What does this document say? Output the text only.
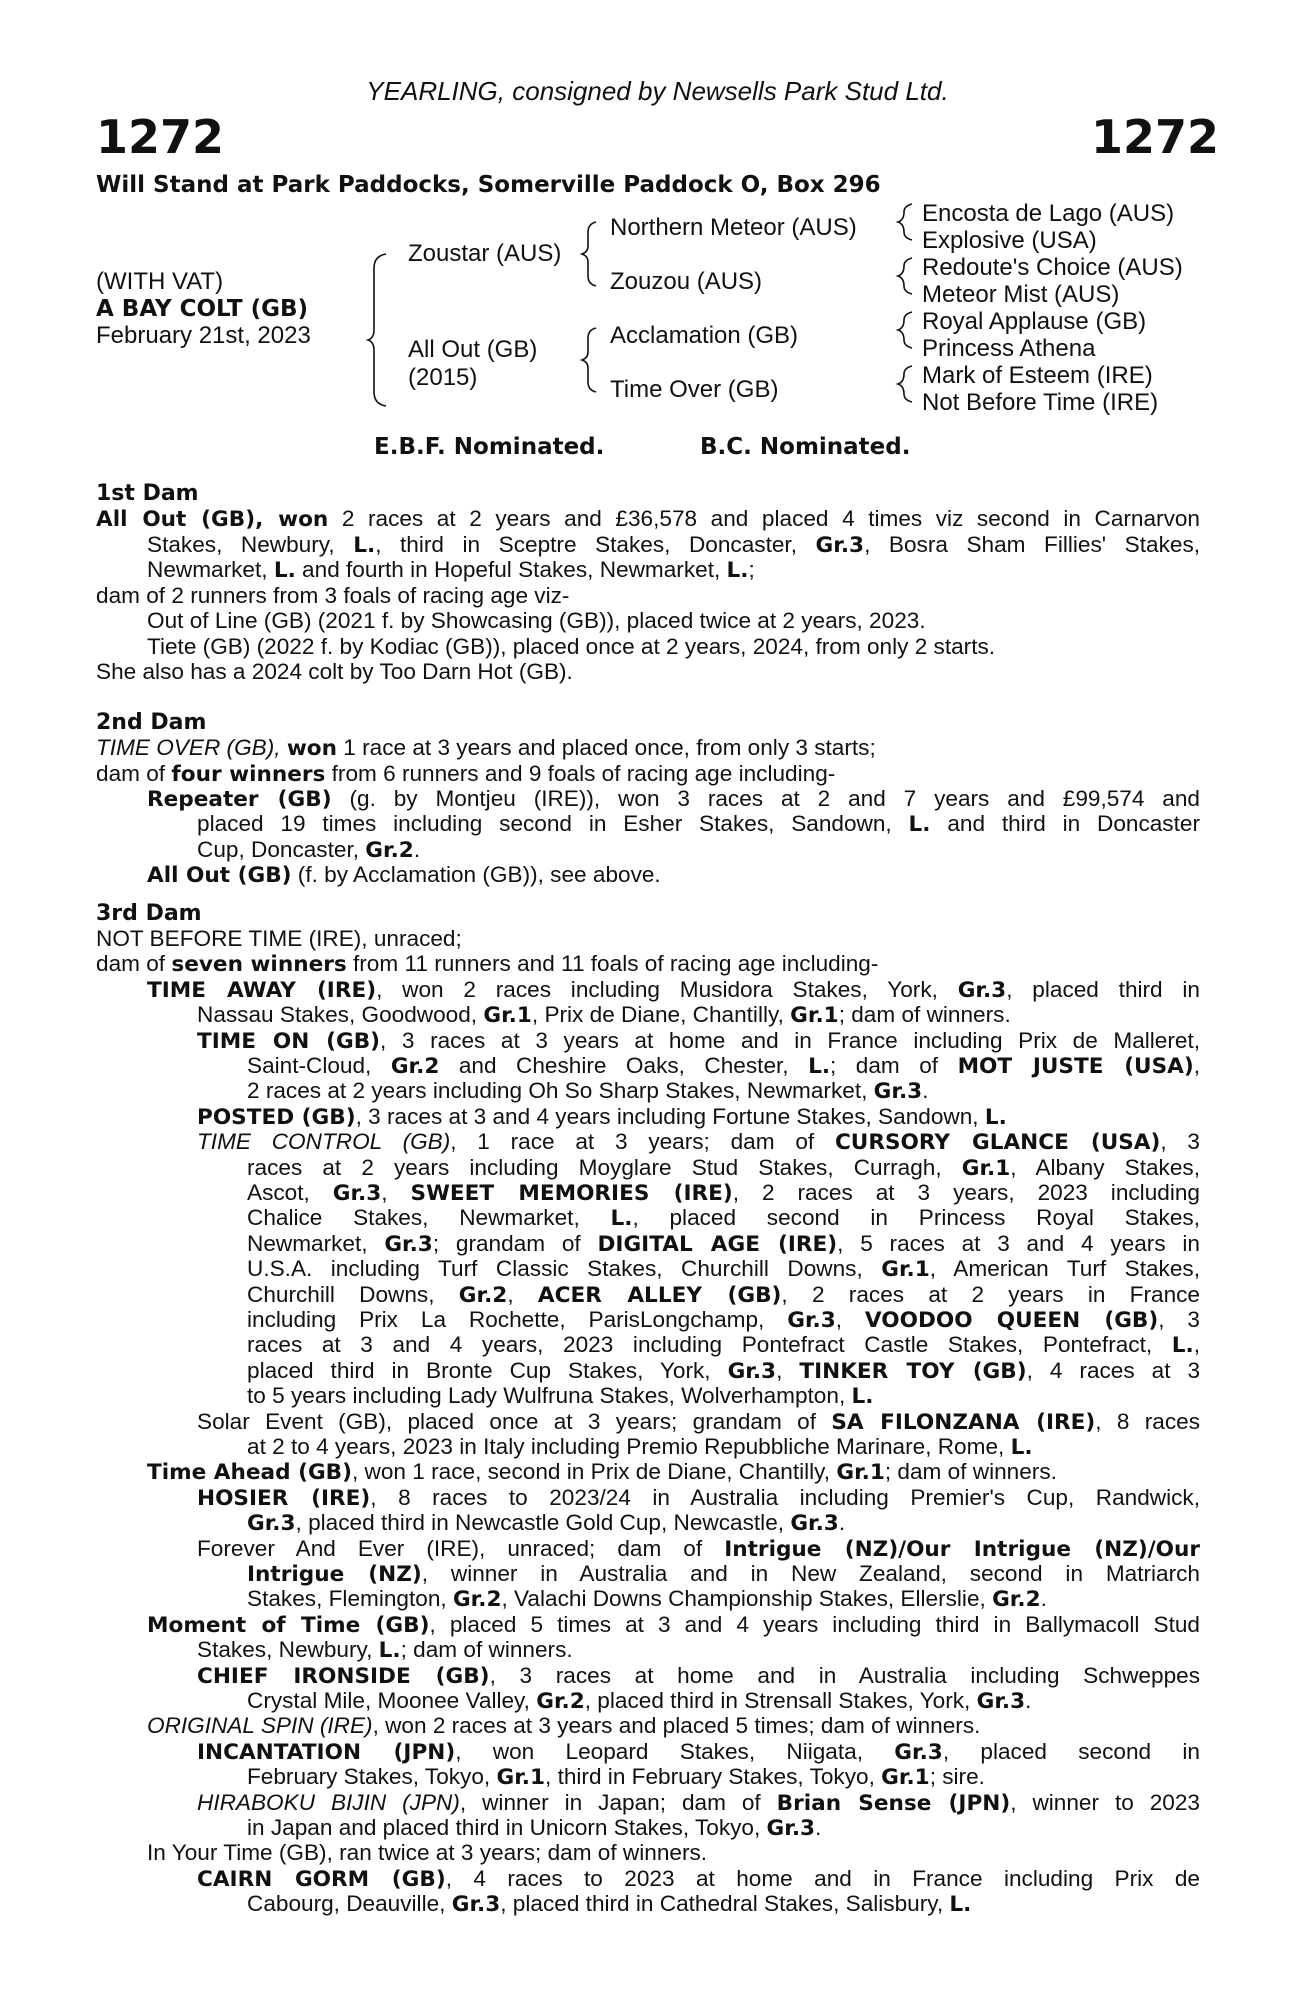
YEARLING, consigned by Newsells Park Stud Ltd.
1272	1272
Will Stand at Park Paddocks, Somerville Paddock O, Box 296
(WITH VAT)
A BAY COLT (GB)
February 21st, 2023
Zoustar (AUS)
All Out (GB)
(2015)
Northern Meteor (AUS)
Zouzou (AUS)
Acclamation (GB)
Time Over (GB)
Encosta de Lago (AUS)
Explosive (USA)
Redoute's Choice (AUS)
Meteor Mist (AUS)
Royal Applause (GB)
Princess Athena
Mark of Esteem (IRE)
Not Before Time (IRE)
E.B.F. Nominated.	B.C. Nominated.
1st Dam
All Out (GB), won 2 races at 2 years and £36,578 and placed 4 times viz second in Carnarvon
Stakes, Newbury, L., third in Sceptre Stakes, Doncaster, Gr.3, Bosra Sham Fillies' Stakes,
Newmarket, L. and fourth in Hopeful Stakes, Newmarket, L.;
dam of 2 runners from 3 foals of racing age viz-
Out of Line (GB) (2021 f. by Showcasing (GB)), placed twice at 2 years, 2023.
Tiete (GB) (2022 f. by Kodiac (GB)), placed once at 2 years, 2024, from only 2 starts.
She also has a 2024 colt by Too Darn Hot (GB).
2nd Dam
TIME OVER (GB), won 1 race at 3 years and placed once, from only 3 starts;
dam of four winners from 6 runners and 9 foals of racing age including-
Repeater (GB) (g. by Montjeu (IRE)), won 3 races at 2 and 7 years and £99,574 and
placed 19 times including second in Esher Stakes, Sandown, L. and third in Doncaster
Cup, Doncaster, Gr.2.
All Out (GB) (f. by Acclamation (GB)), see above.
3rd Dam
NOT BEFORE TIME (IRE), unraced;
dam of seven winners from 11 runners and 11 foals of racing age including-
TIME AWAY (IRE), won 2 races including Musidora Stakes, York, Gr.3, placed third in
Nassau Stakes, Goodwood, Gr.1, Prix de Diane, Chantilly, Gr.1; dam of winners.
TIME ON (GB), 3 races at 3 years at home and in France including Prix de Malleret,
Saint-Cloud, Gr.2 and Cheshire Oaks, Chester, L.; dam of MOT JUSTE (USA),
2 races at 2 years including Oh So Sharp Stakes, Newmarket, Gr.3.
POSTED (GB), 3 races at 3 and 4 years including Fortune Stakes, Sandown, L.
TIME CONTROL (GB), 1 race at 3 years; dam of CURSORY GLANCE (USA), 3
races at 2 years including Moyglare Stud Stakes, Curragh, Gr.1, Albany Stakes,
Ascot, Gr.3, SWEET MEMORIES (IRE), 2 races at 3 years, 2023 including
Chalice Stakes, Newmarket, L., placed second in Princess Royal Stakes,
Newmarket, Gr.3; grandam of DIGITAL AGE (IRE), 5 races at 3 and 4 years in
U.S.A. including Turf Classic Stakes, Churchill Downs, Gr.1, American Turf Stakes,
Churchill Downs, Gr.2, ACER ALLEY (GB), 2 races at 2 years in France
including Prix La Rochette, ParisLongchamp, Gr.3, VOODOO QUEEN (GB), 3
races at 3 and 4 years, 2023 including Pontefract Castle Stakes, Pontefract, L.,
placed third in Bronte Cup Stakes, York, Gr.3, TINKER TOY (GB), 4 races at 3
to 5 years including Lady Wulfruna Stakes, Wolverhampton, L.
Solar Event (GB), placed once at 3 years; grandam of SA FILONZANA (IRE), 8 races
at 2 to 4 years, 2023 in Italy including Premio Repubbliche Marinare, Rome, L.
Time Ahead (GB), won 1 race, second in Prix de Diane, Chantilly, Gr.1; dam of winners.
HOSIER (IRE), 8 races to 2023/24 in Australia including Premier's Cup, Randwick,
Gr.3, placed third in Newcastle Gold Cup, Newcastle, Gr.3.
Forever And Ever (IRE), unraced; dam of Intrigue (NZ)/Our Intrigue (NZ)/Our
Intrigue (NZ), winner in Australia and in New Zealand, second in Matriarch
Stakes, Flemington, Gr.2, Valachi Downs Championship Stakes, Ellerslie, Gr.2.
Moment of Time (GB), placed 5 times at 3 and 4 years including third in Ballymacoll Stud
Stakes, Newbury, L.; dam of winners.
CHIEF IRONSIDE (GB), 3 races at home and in Australia including Schweppes
Crystal Mile, Moonee Valley, Gr.2, placed third in Strensall Stakes, York, Gr.3.
ORIGINAL SPIN (IRE), won 2 races at 3 years and placed 5 times; dam of winners.
INCANTATION (JPN), won Leopard Stakes, Niigata, Gr.3, placed second in
February Stakes, Tokyo, Gr.1, third in February Stakes, Tokyo, Gr.1; sire.
HIRABOKU BIJIN (JPN), winner in Japan; dam of Brian Sense (JPN), winner to 2023
in Japan and placed third in Unicorn Stakes, Tokyo, Gr.3.
In Your Time (GB), ran twice at 3 years; dam of winners.
CAIRN GORM (GB), 4 races to 2023 at home and in France including Prix de
Cabourg, Deauville, Gr.3, placed third in Cathedral Stakes, Salisbury, L.
